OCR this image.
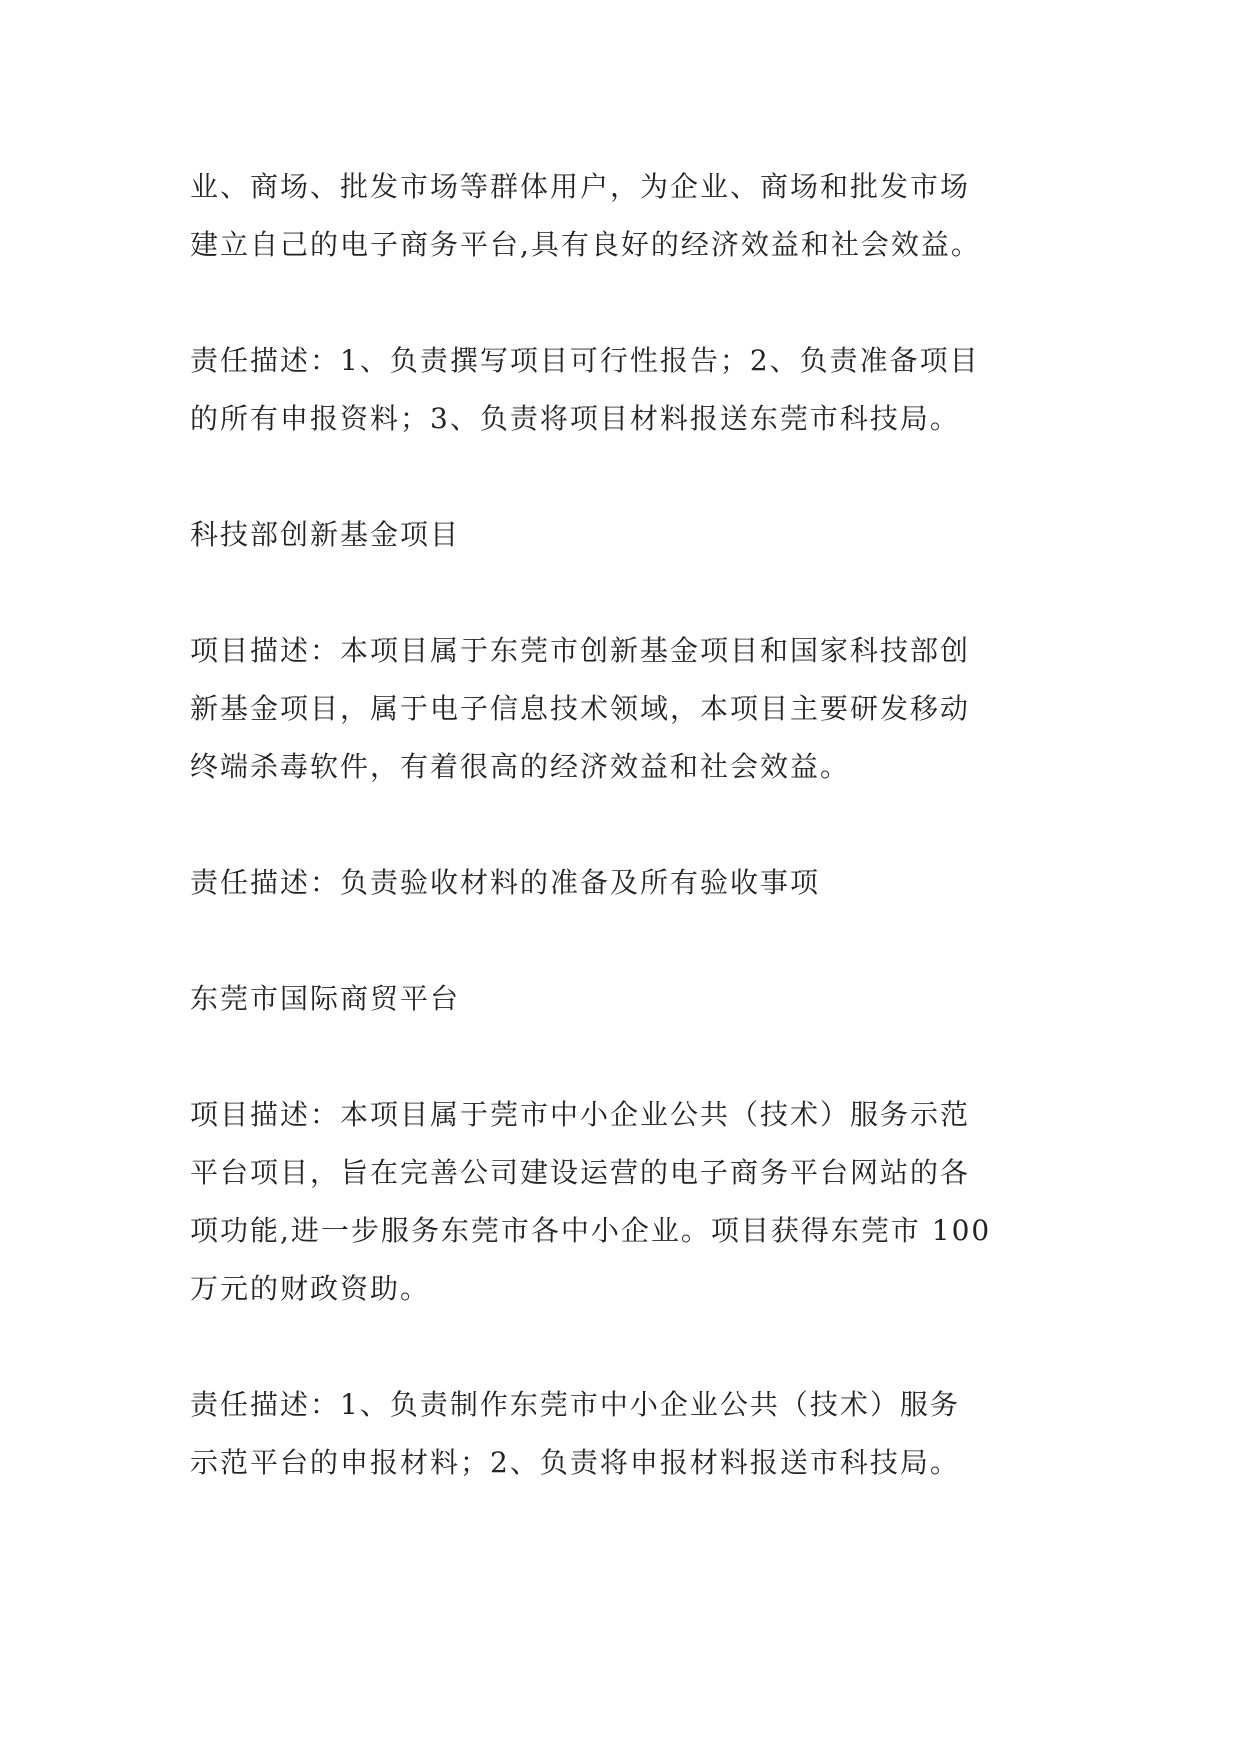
业、商场、批发市场等群体用户，为企业、商场和批发市场
建立自己的电子商务平台,具有良好的经济效益和社会效益。
责任描述：1、负责撰写项目可行性报告；2、负责准备项目
的所有申报资料；3、负责将项目材料报送东莞市科技局。
科技部创新基金项目
项目描述：本项目属于东莞市创新基金项目和国家科技部创
新基金项目，属于电子信息技术领域，本项目主要研发移动
终端杀毒软件，有着很高的经济效益和社会效益。
责任描述：负责验收材料的准备及所有验收事项
东莞市国际商贸平台
项目描述：本项目属于莞市中小企业公共（技术）服务示范
平台项目，旨在完善公司建设运营的电子商务平台网站的各
项功能,进一步服务东莞市各中小企业。项目获得东莞市 100
万元的财政资助。
责任描述：1、负责制作东莞市中小企业公共（技术）服务
示范平台的申报材料；2、负责将申报材料报送市科技局。
